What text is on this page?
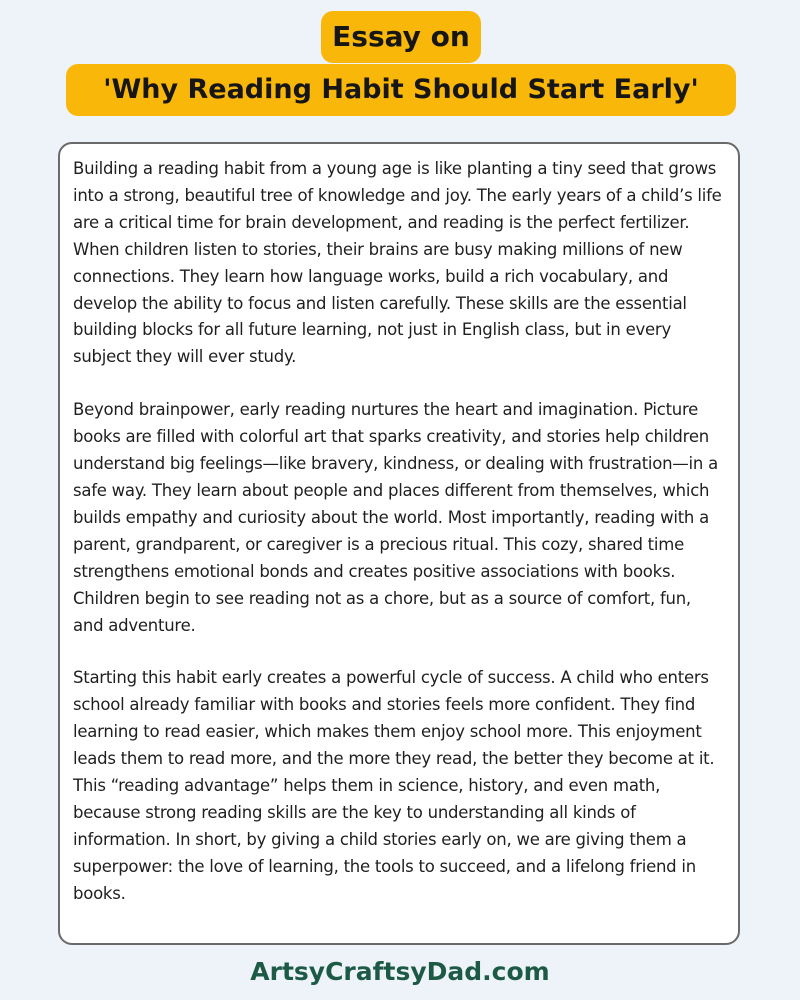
Essay on
'Why Reading Habit Should Start Early'

Building a reading habit from a young age is like planting a tiny seed that grows into a strong, beautiful tree of knowledge and joy. The early years of a child’s life are a critical time for brain development, and reading is the perfect fertilizer. When children listen to stories, their brains are busy making millions of new connections. They learn how language works, build a rich vocabulary, and develop the ability to focus and listen carefully. These skills are the essential building blocks for all future learning, not just in English class, but in every subject they will ever study.

Beyond brainpower, early reading nurtures the heart and imagination. Picture books are filled with colorful art that sparks creativity, and stories help children understand big feelings—like bravery, kindness, or dealing with frustration—in a safe way. They learn about people and places different from themselves, which builds empathy and curiosity about the world. Most importantly, reading with a parent, grandparent, or caregiver is a precious ritual. This cozy, shared time strengthens emotional bonds and creates positive associations with books. Children begin to see reading not as a chore, but as a source of comfort, fun, and adventure.

Starting this habit early creates a powerful cycle of success. A child who enters school already familiar with books and stories feels more confident. They find learning to read easier, which makes them enjoy school more. This enjoyment leads them to read more, and the more they read, the better they become at it. This “reading advantage” helps them in science, history, and even math, because strong reading skills are the key to understanding all kinds of information. In short, by giving a child stories early on, we are giving them a superpower: the love of learning, the tools to succeed, and a lifelong friend in books.

ArtsyCraftsyDad.com
